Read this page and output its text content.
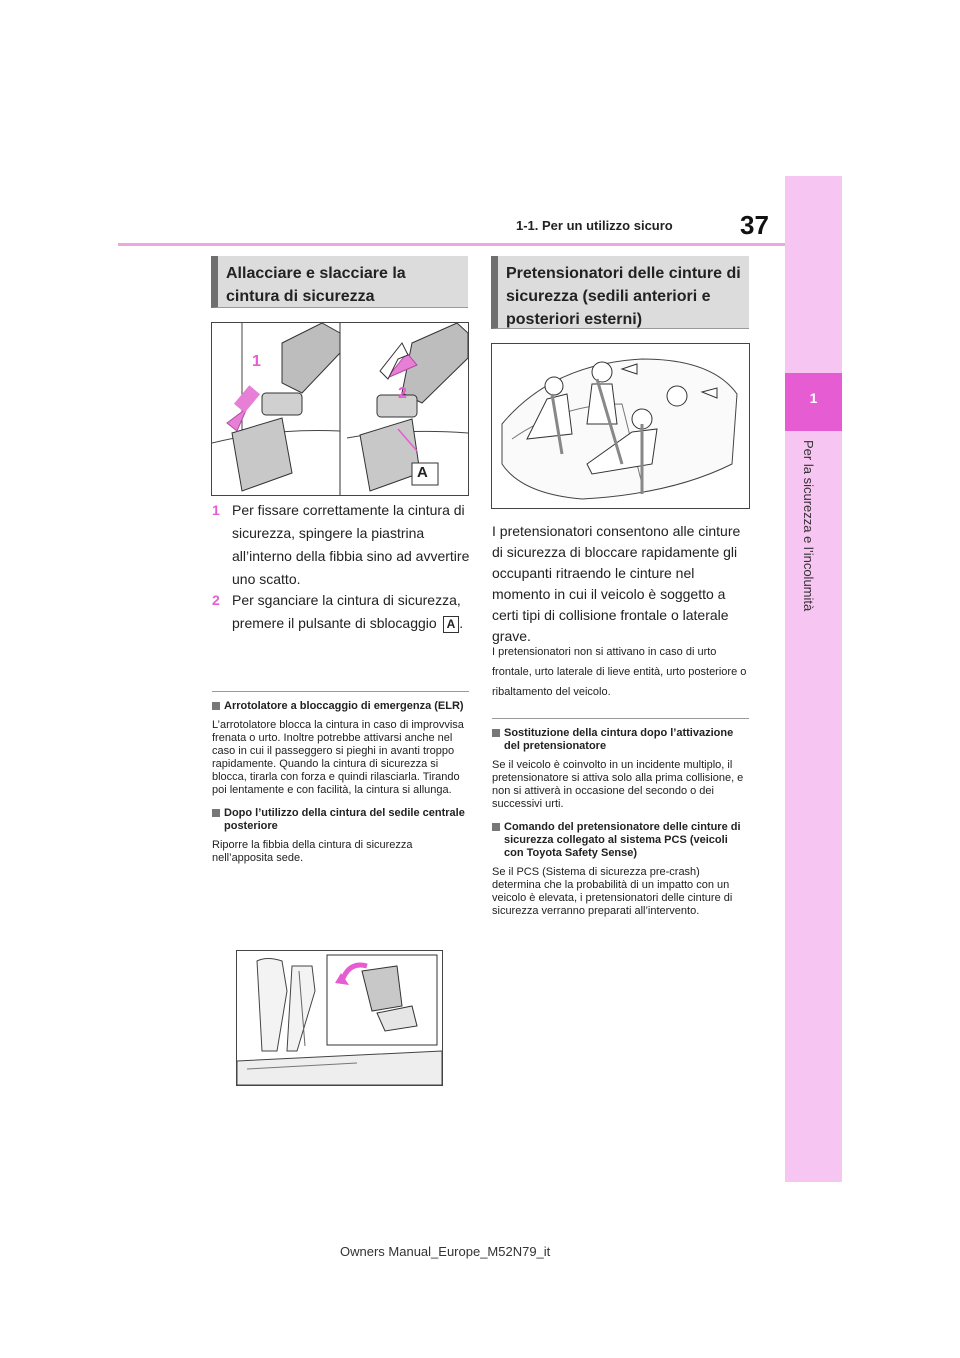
1-1. Per un utilizzo sicuro	37
1
Per la sicurezza e l’incolumità
Allacciare e slacciare la cintura di sicurezza
1
2
A
1 Per fissare correttamente la cintura di sicurezza, spingere la piastrina all’interno della fibbia sino ad avvertire uno scatto.
2 Per sganciare la cintura di sicurezza, premere il pulsante di sblocaggio A .
Arrotolatore a bloccaggio di emergenza (ELR)
L’arrotolatore blocca la cintura in caso di improvvisa frenata o urto. Inoltre potrebbe attivarsi anche nel caso in cui il passeggero si pieghi in avanti troppo rapidamente. Quando la cintura di sicurezza si blocca, tirarla con forza e quindi rilasciarla. Tirando poi lentamente e con facilità, la cintura si allunga.
Dopo l’utilizzo della cintura del sedile centrale posteriore
Riporre la fibbia della cintura di sicurezza nell’apposita sede.
Pretensionatori delle cinture di sicurezza (sedili anteriori e posteriori esterni)
I pretensionatori consentono alle cinture di sicurezza di bloccare rapidamente gli occupanti ritraendo le cinture nel momento in cui il veicolo è soggetto a certi tipi di collisione frontale o laterale grave.
I pretensionatori non si attivano in caso di urto frontale, urto laterale di lieve entità, urto posteriore o ribaltamento del veicolo.
Sostituzione della cintura dopo l’attivazione del pretensionatore
Se il veicolo è coinvolto in un incidente multiplo, il pretensionatore si attiva solo alla prima collisione, e non si attiverà in occasione del secondo o dei successivi urti.
Comando del pretensionatore delle cinture di sicurezza collegato al sistema PCS (veicoli con Toyota Safety Sense)
Se il PCS (Sistema di sicurezza pre-crash) determina che la probabilità di un impatto con un veicolo è elevata, i pretensionatori delle cinture di sicurezza verranno preparati all’intervento.
Owners Manual_Europe_M52N79_it
